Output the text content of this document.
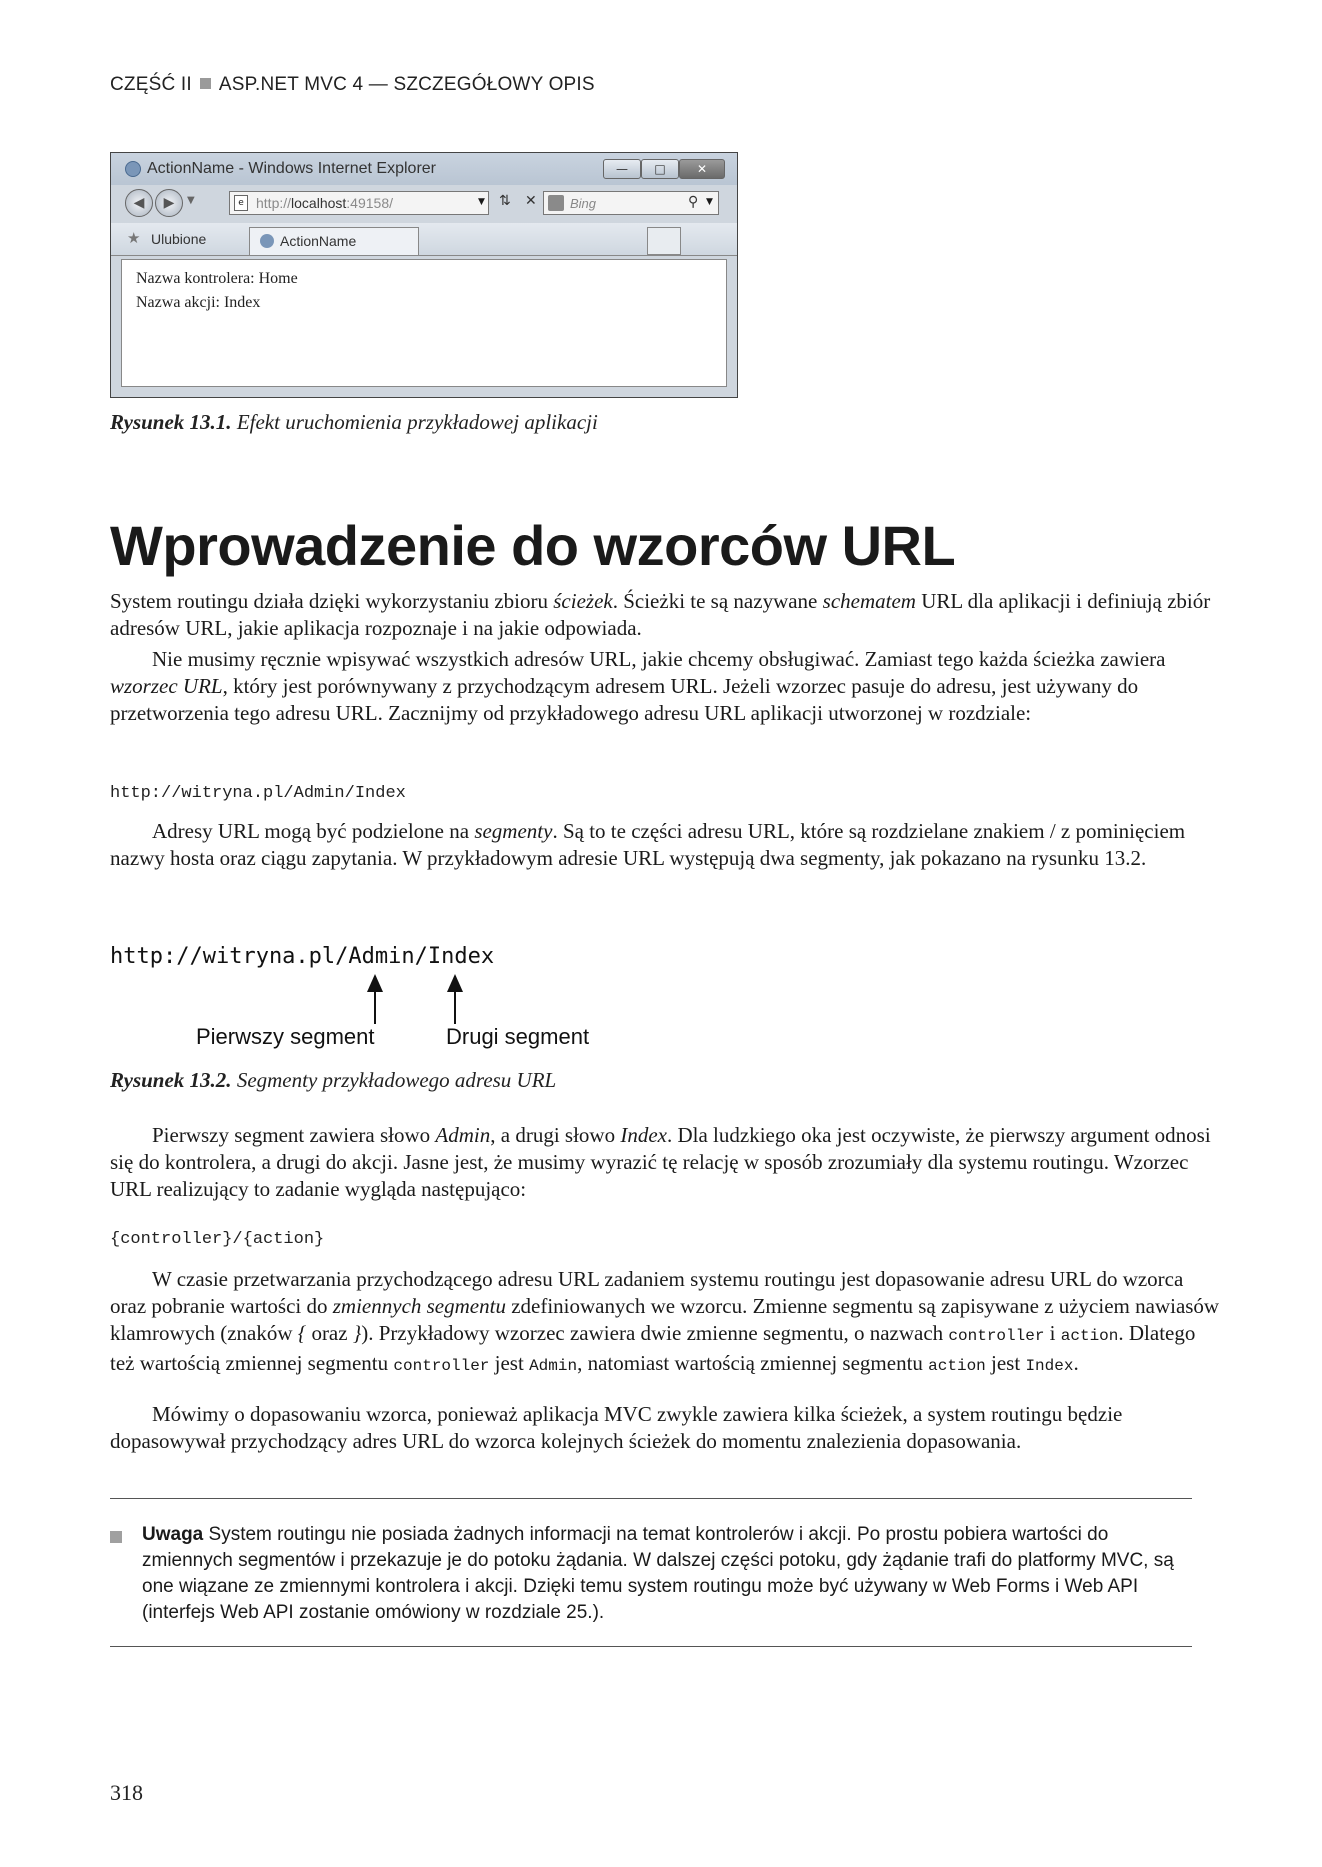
CZĘŚĆ II ASP.NET MVC 4 — SZCZEGÓŁOWY OPIS
ActionName - Windows Internet Explorer	—	□	✕
◀	▶	▼	e http://localhost:49158/	▼ ⇅ ✕	Bing	⚲ ▼
★ Ulubione	ActionName
Nazwa kontrolera: Home
Nazwa akcji: Index
Rysunek 13.1. Efekt uruchomienia przykładowej aplikacji
Wprowadzenie do wzorców URL

System routingu działa dzięki wykorzystaniu zbioru ścieżek. Ścieżki te są nazywane schematem URL dla aplikacji i definiują zbiór adresów URL, jakie aplikacja rozpoznaje i na jakie odpowiada.

Nie musimy ręcznie wpisywać wszystkich adresów URL, jakie chcemy obsługiwać. Zamiast tego każda ścieżka zawiera wzorzec URL, który jest porównywany z przychodzącym adresem URL. Jeżeli wzorzec pasuje do adresu, jest używany do przetworzenia tego adresu URL. Zacznijmy od przykładowego adresu URL aplikacji utworzonej w rozdziale:

http://witryna.pl/Admin/Index

Adresy URL mogą być podzielone na segmenty. Są to te części adresu URL, które są rozdzielane znakiem / z pominięciem nazwy hosta oraz ciągu zapytania. W przykładowym adresie URL występują dwa segmenty, jak pokazano na rysunku 13.2.

http://witryna.pl/Admin/Index
Pierwszy segment	Drugi segment
Rysunek 13.2. Segmenty przykładowego adresu URL

Pierwszy segment zawiera słowo Admin, a drugi słowo Index. Dla ludzkiego oka jest oczywiste, że pierwszy argument odnosi się do kontrolera, a drugi do akcji. Jasne jest, że musimy wyrazić tę relację w sposób zrozumiały dla systemu routingu. Wzorzec URL realizujący to zadanie wygląda następująco:

{controller}/{action}

W czasie przetwarzania przychodzącego adresu URL zadaniem systemu routingu jest dopasowanie adresu URL do wzorca oraz pobranie wartości do zmiennych segmentu zdefiniowanych we wzorcu. Zmienne segmentu są zapisywane z użyciem nawiasów klamrowych (znaków { oraz }). Przykładowy wzorzec zawiera dwie zmienne segmentu, o nazwach controller i action. Dlatego też wartością zmiennej segmentu controller jest Admin, natomiast wartością zmiennej segmentu action jest Index.

Mówimy o dopasowaniu wzorca, ponieważ aplikacja MVC zwykle zawiera kilka ścieżek, a system routingu będzie dopasowywał przychodzący adres URL do wzorca kolejnych ścieżek do momentu znalezienia dopasowania.

Uwaga System routingu nie posiada żadnych informacji na temat kontrolerów i akcji. Po prostu pobiera wartości do zmiennych segmentów i przekazuje je do potoku żądania. W dalszej części potoku, gdy żądanie trafi do platformy MVC, są one wiązane ze zmiennymi kontrolera i akcji. Dzięki temu system routingu może być używany w Web Forms i Web API (interfejs Web API zostanie omówiony w rozdziale 25.).
318
